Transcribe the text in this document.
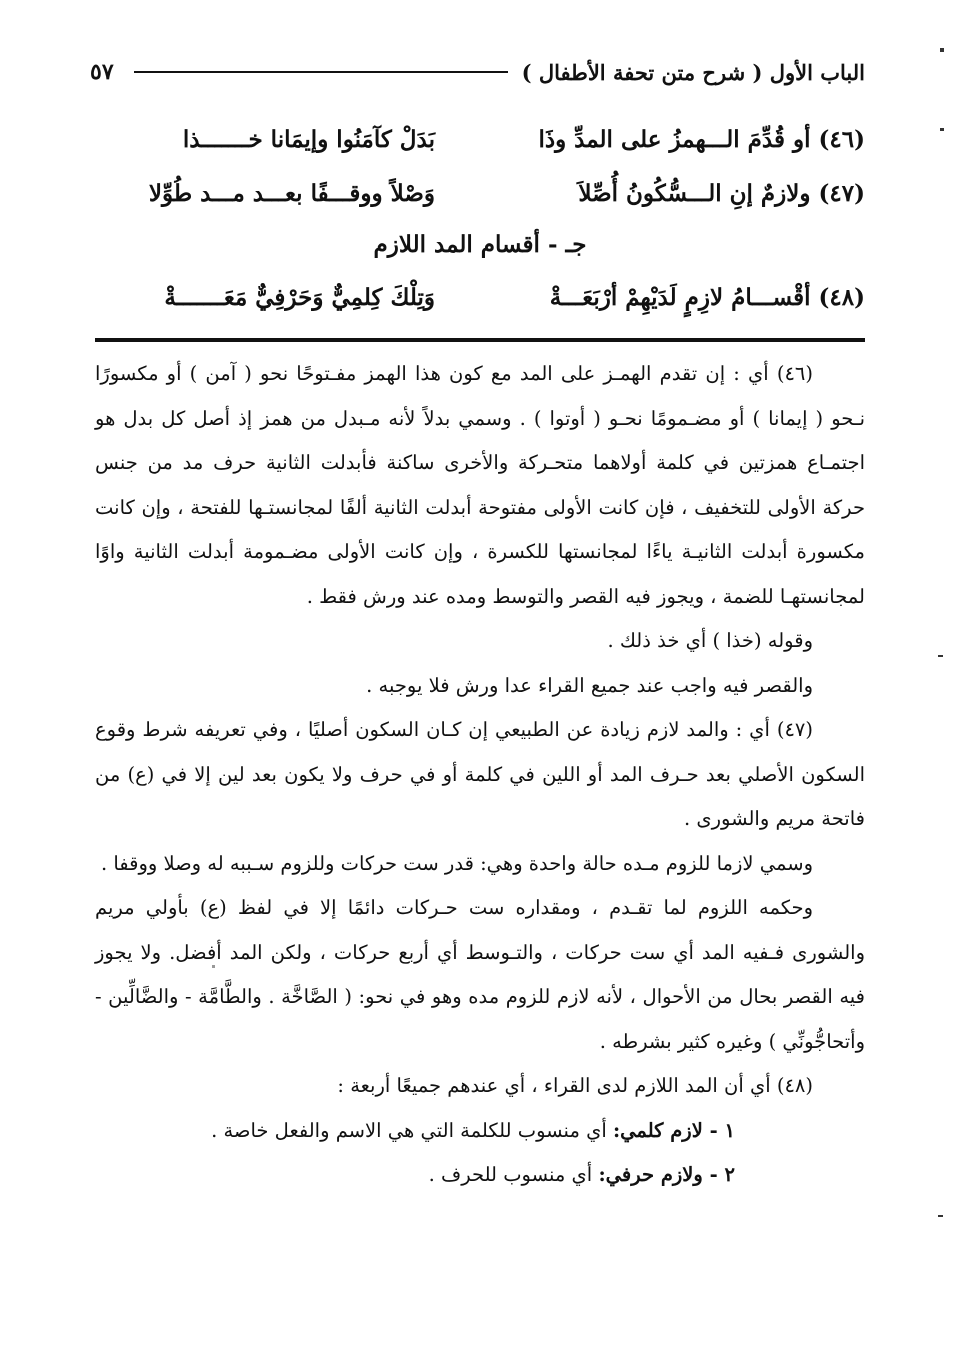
الباب الأول ( شرح متن تحفة الأطفال )
٥٧
(٤٦) أو قُدِّمَ الـــهمزُ على المدِّ وذَا
بَدَلْ كآمَنُوا وإيمَانا خـــــــذا
(٤٧) ولازمٌ إنِ الـــسُّكُونُ أُصِّلاَ
وَصْلاً ووقـــفًا بعـــد مـــد طُوِّلا
جـ - أقسام المد اللازم
(٤٨) أقْســـامُ لازِمٍ لَدَيْهِمْ أرْبَعَـــةْ
وَتِلْكَ كِلمِيٌّ وَحَرْفِيٌّ مَعَـــــــةْ

(٤٦) أي : إن تقدم الهمـز على المد مع كون هذا الهمز مفـتوحًا نحو ( آمن ) أو مكسورًا نـحو ( إيمانا ) أو مضـمومًا نحـو ( أوتوا ) . وسمي بدلاً لأنه مـبدل من همز إذ أصل كل بدل هو اجتمـاع همزتين في كلمة أولاهما متحـركة والأخرى ساكنة فأبدلت الثانية حرف مد من جنس حركة الأولى للتخفيف ، فإن كانت الأولى مفتوحة أبدلت الثانية ألفًا لمجانستـها للفتحة ، وإن كانت مكسورة أبدلت الثانيـة ياءًا لمجانستها للكسرة ، وإن كانت الأولى مضـمومة أبدلت الثانية واوًا لمجانستهـا للضمة ، ويجوز فيه القصر والتوسط ومده عند ورش فقط .

وقوله (خذا ) أي خذ ذلك .

والقصر فيه واجب عند جميع القراء عدا ورش فلا يوجبه .

(٤٧) أي : والمد لازم زيادة عن الطبيعي إن كـان السكون أصليًا ، وفي تعريفه شرط وقوع السكون الأصلي بعد حـرف المد أو اللين في كلمة أو في حرف ولا يكون بعد لين إلا في (ع) من فاتحة مريم والشورى .

وسمي لازما للزوم مـده حالة واحدة وهي: قدر ست حركات وللزوم سـببه له وصلا ووقفا .

وحكمه اللزوم لما تقـدم ، ومقداره ست حـركات دائمًا إلا في لفظ (ع) بأولي مريم والشورى فـفيه المد أي ست حركات ، والتـوسط أي أربع حركات ، ولكن المد أفضل. ولا يجوز فيه القصر بحال من الأحوال ، لأنه لازم للزوم مده وهو في نحو: ( الصَّاخَّة . والطَّامَّة - والضَّالِّين - وأتحاجُّونِّي ) وغيره كثير بشرطه .

(٤٨) أي أن المد اللازم لدى القراء ، أي عندهم جميعًا أربعة :

١ - لازم كلمي: أي منسوب للكلمة التي هي الاسم والفعل خاصة .

٢ - ولازم حرفي: أي منسوب للحرف .
